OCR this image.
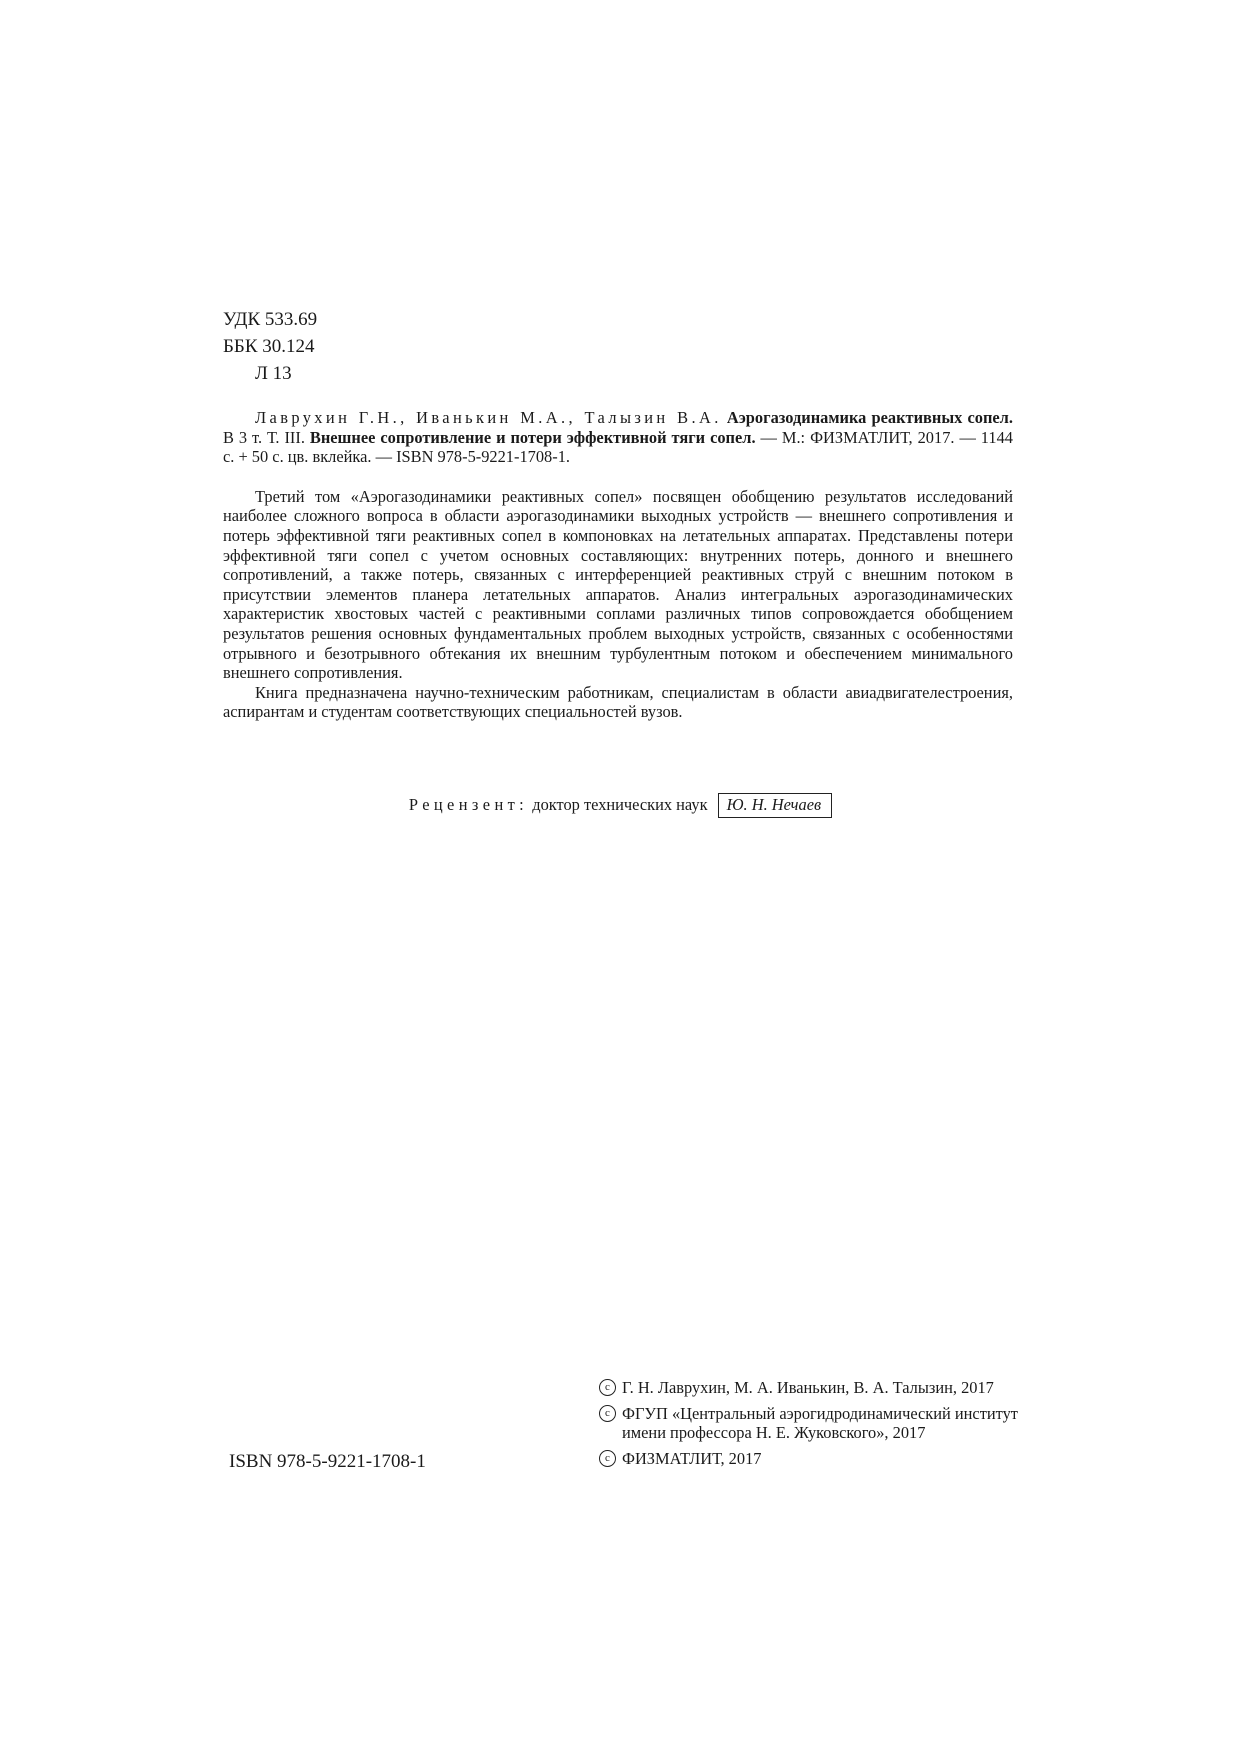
УДК 533.69
ББК 30.124
Л 13

Лаврухин Г.Н., Иванькин М.А., Талызин В.А. Аэрогазодинамика реактивных сопел. В 3 т. Т. III. Внешнее сопротивление и потери эффективной тяги сопел. — М.: ФИЗМАТЛИТ, 2017. — 1144 с. + 50 с. цв. вклейка. — ISBN 978-5-9221-1708-1.

Третий том «Аэрогазодинамики реактивных сопел» посвящен обобщению результатов исследований наиболее сложного вопроса в области аэрогазодинамики выходных устройств — внешнего сопротивления и потерь эффективной тяги реактивных сопел в компоновках на летательных аппаратах. Представлены потери эффективной тяги сопел с учетом основных составляющих: внутренних потерь, донного и внешнего сопротивлений, а также потерь, связанных с интерференцией реактивных струй с внешним потоком в присутствии элементов планера летательных аппаратов. Анализ интегральных аэрогазодинамических характеристик хвостовых частей с реактивными соплами различных типов сопровождается обобщением результатов решения основных фундаментальных проблем выходных устройств, связанных с особенностями отрывного и безотрывного обтекания их внешним турбулентным потоком и обеспечением минимального внешнего сопротивления.

Книга предназначена научно-техническим работникам, специалистам в области авиадвигателестроения, аспирантам и студентам соответствующих специальностей вузов.

Рецензент: доктор технических наук Ю. Н. Нечаев
ISBN 978-5-9221-1708-1
c Г. Н. Лаврухин, М. А. Иванькин, В. А. Талызин, 2017
c ФГУП «Центральный аэрогидродинамический институт имени профессора Н. Е. Жуковского», 2017
c ФИЗМАТЛИТ, 2017
